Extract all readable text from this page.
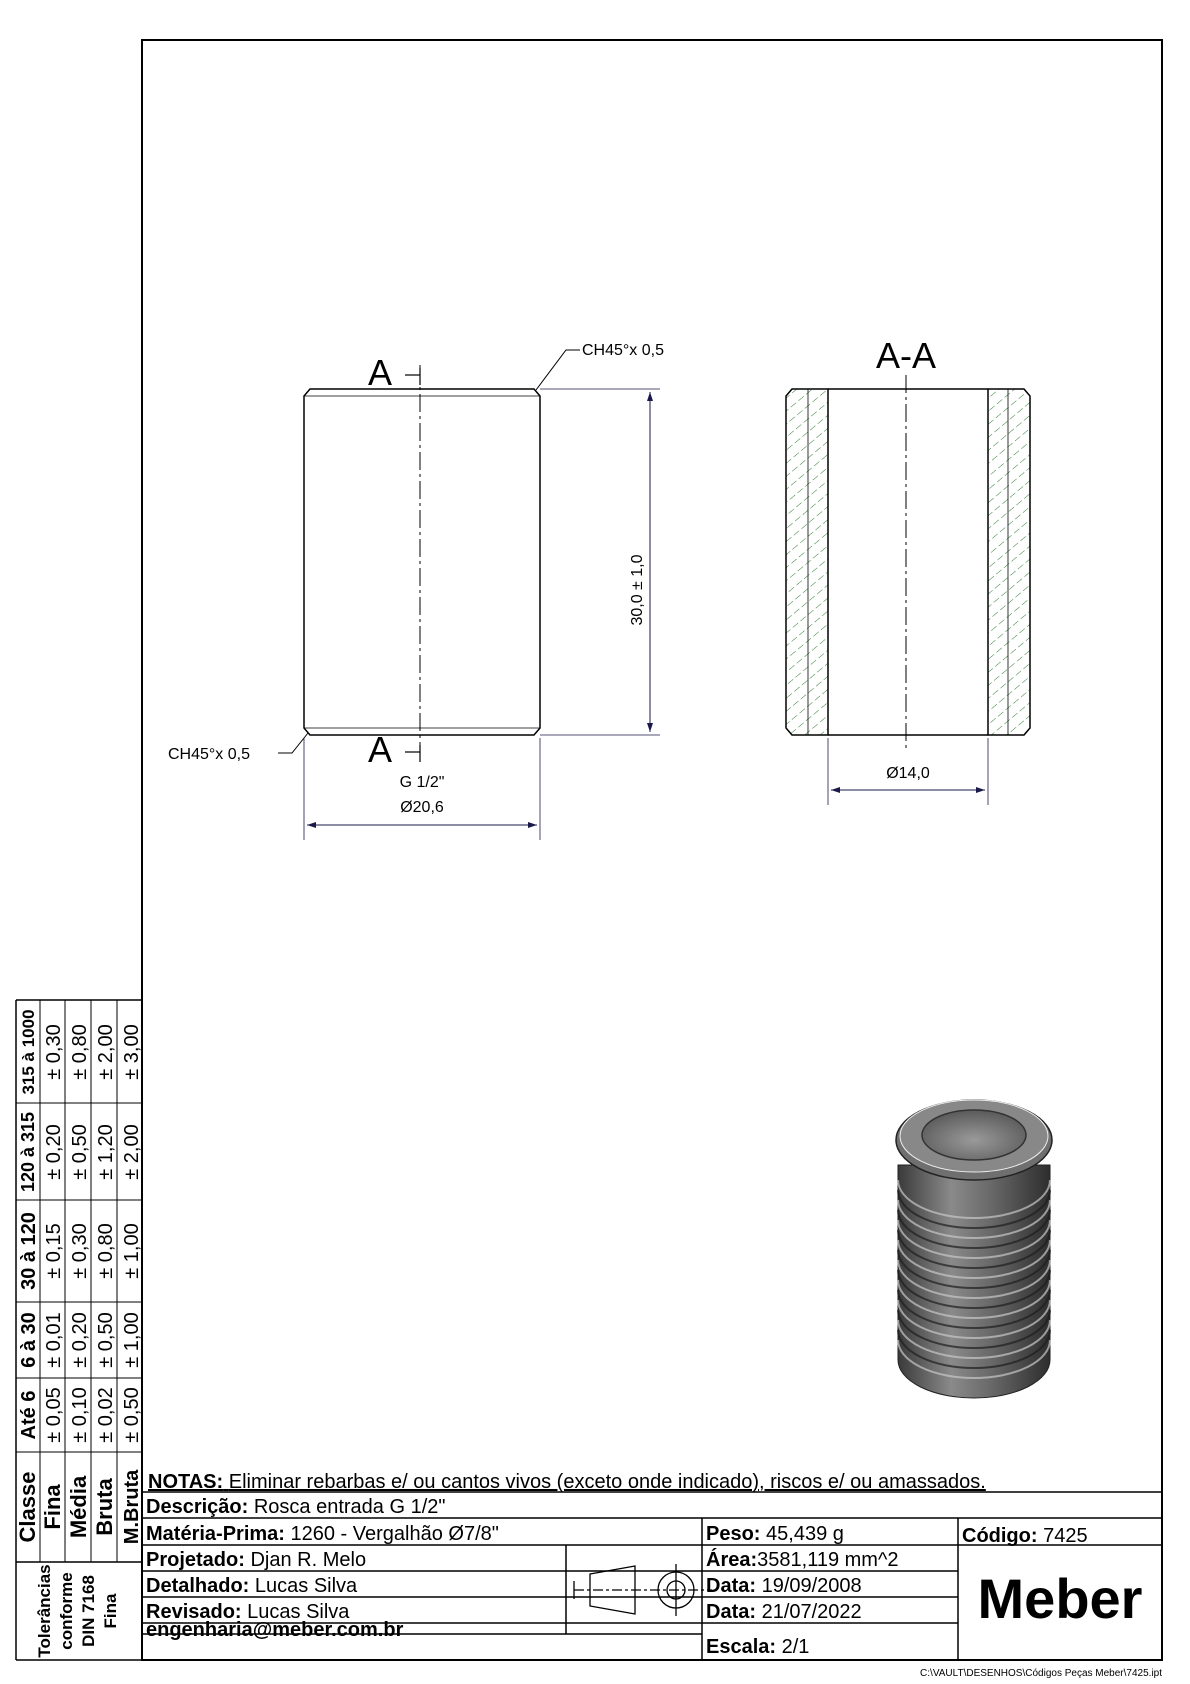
A
A
CH45°x 0,5
CH45°x 0,5
30,0 ± 1,0
G 1/2"
Ø20,6
A-A
Ø14,0
Classe Fina Média Bruta M.Bruta
Até 6 ± 0,05 ± 0,10 ± 0,02 ± 0,50
6 à 30 ± 0,01 ± 0,20 ± 0,50 ± 1,00
30 à 120 ± 0,15 ± 0,30 ± 0,80 ± 1,00
120 à 315 ± 0,20 ± 0,50 ± 1,20 ± 2,00
315 à 1000 ± 0,30 ± 0,80 ± 2,00 ± 3,00
Tolerâncias conforme DIN 7168 Fina
NOTAS: Eliminar rebarbas e/ ou cantos vivos (exceto onde indicado), riscos e/ ou amassados.
Descrição: Rosca entrada G 1/2"
Matéria-Prima: 1260 - Vergalhão Ø7/8"	Peso: 45,439 g	Código: 7425
Projetado: Djan R. Melo
Detalhado: Lucas Silva
Revisado: Lucas Silva
engenharia@meber.com.br
Área:3581,119 mm^2
Data: 19/09/2008
Data: 21/07/2022
Escala: 2/1
Meber
C:\VAULT\DESENHOS\Códigos Peças Meber\7425.ipt
